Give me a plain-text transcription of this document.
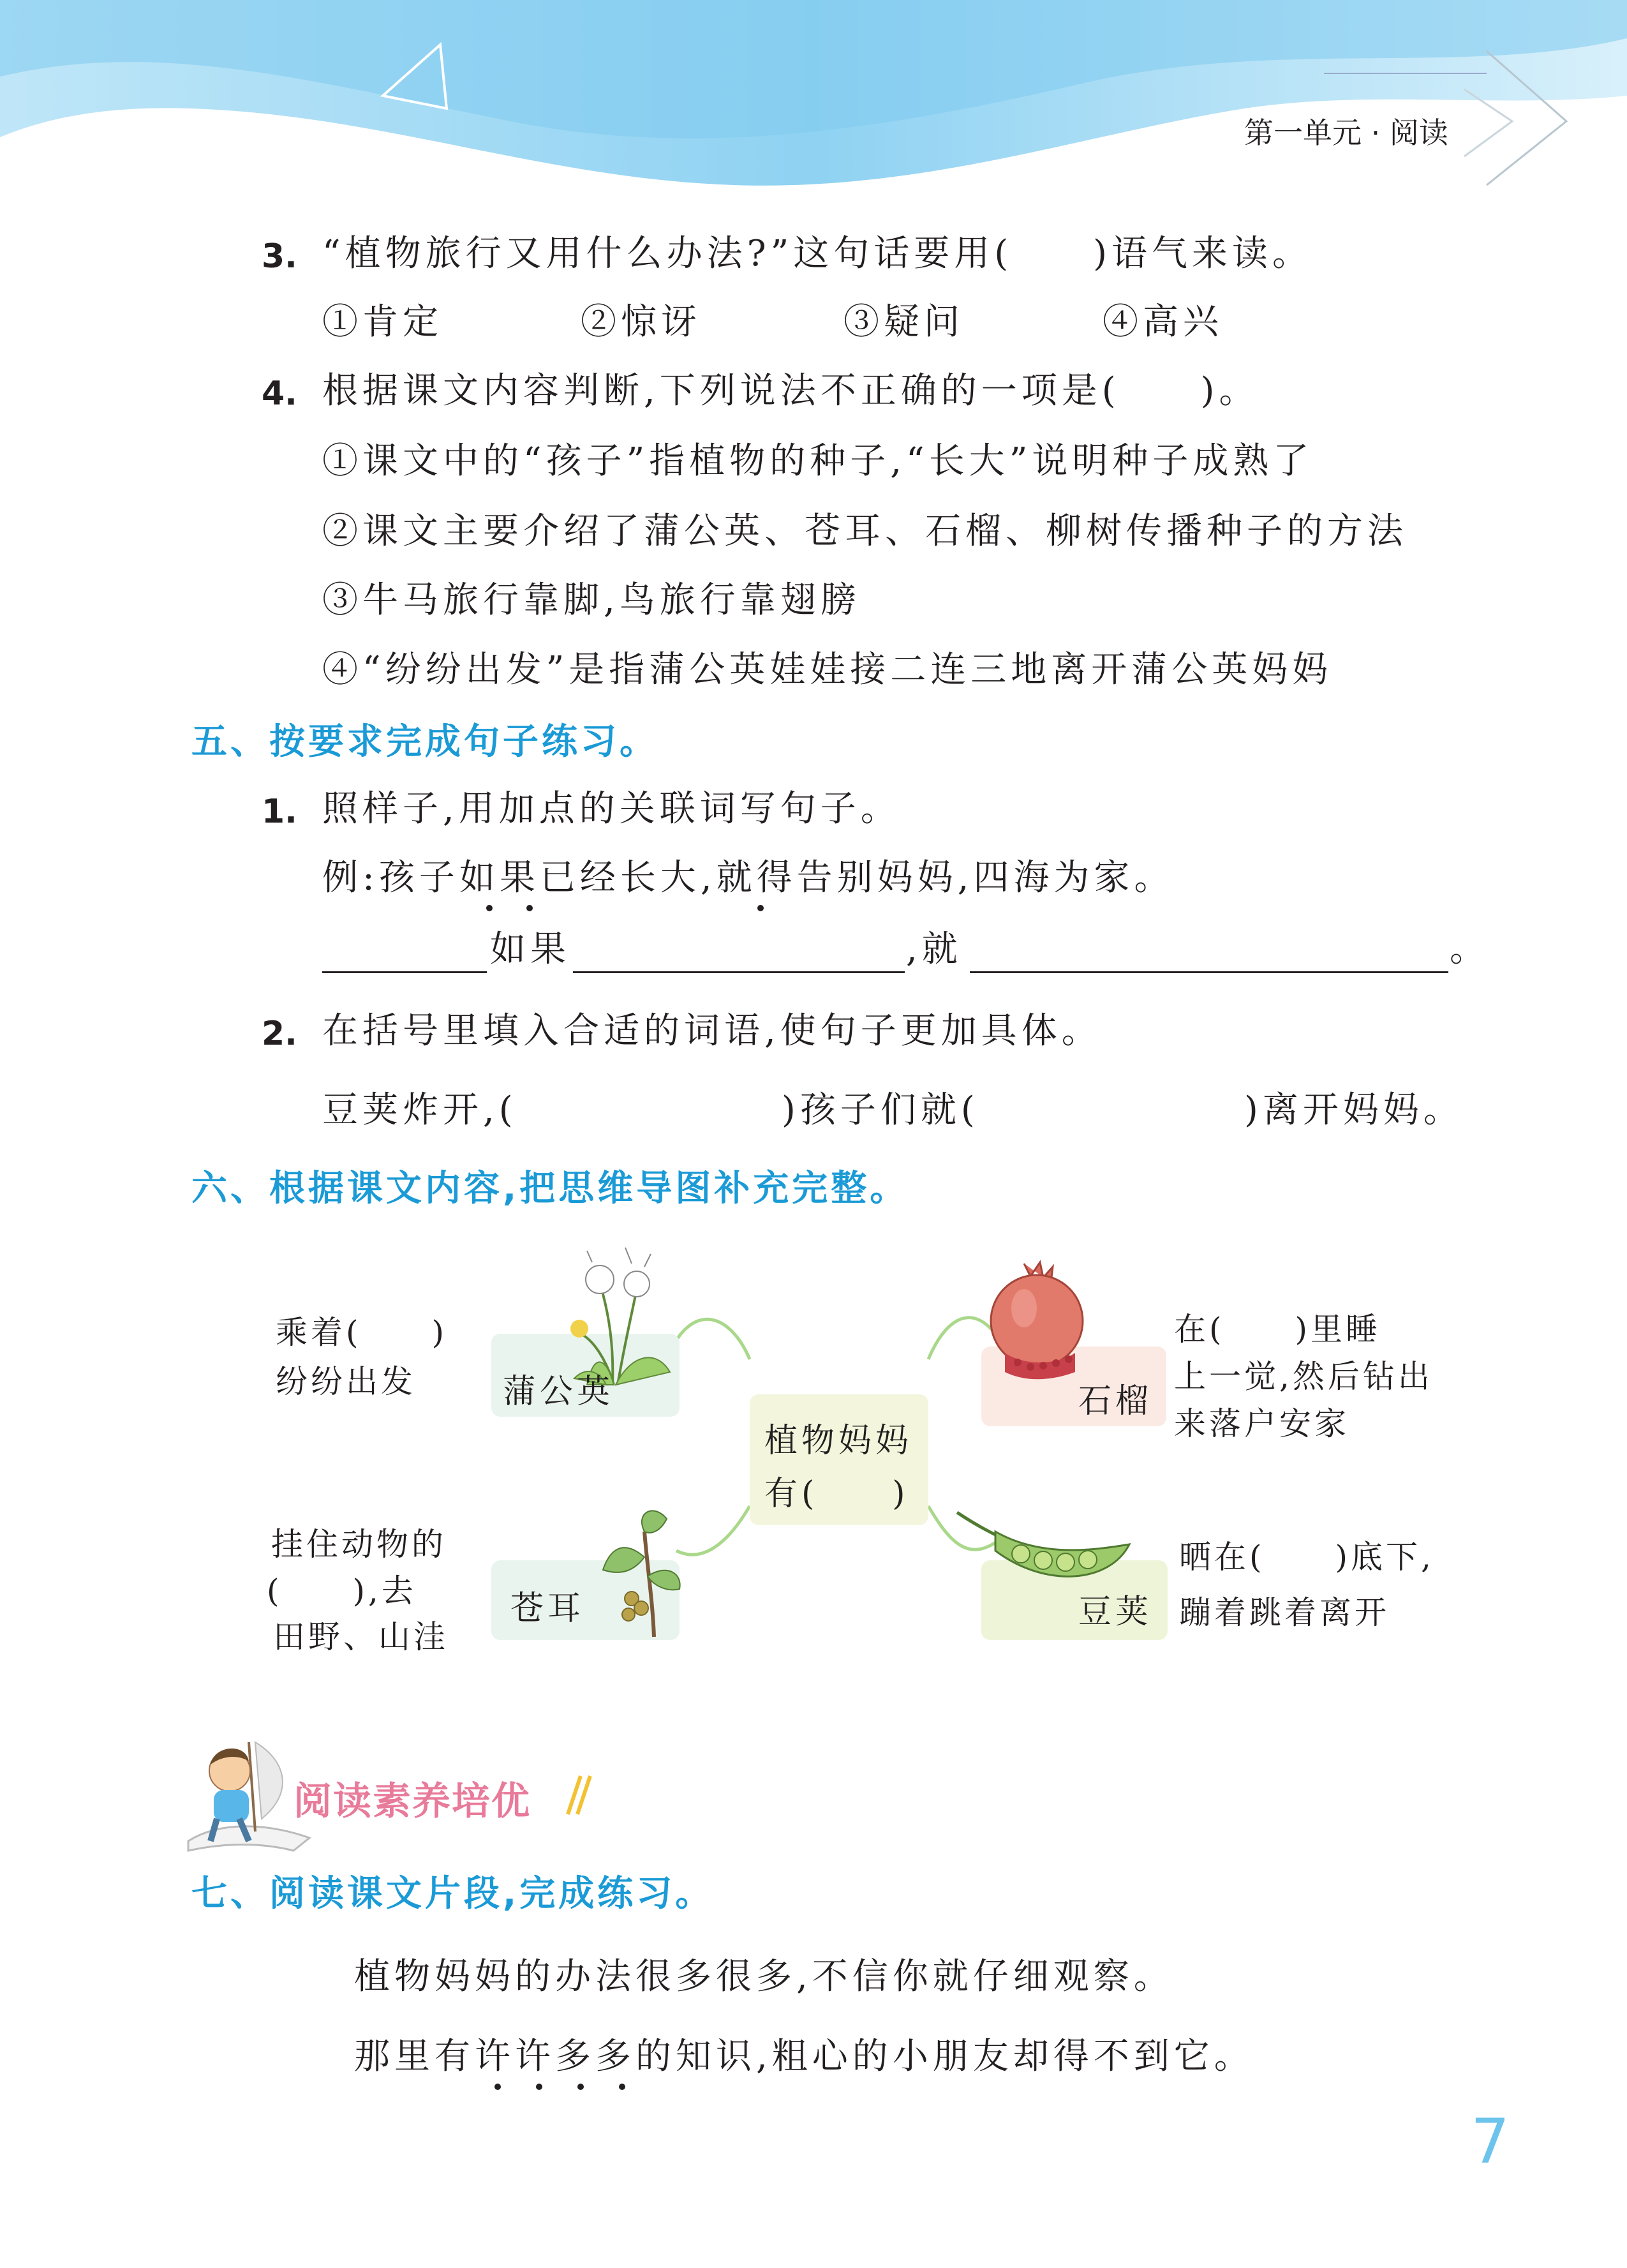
第一单元 · 阅读
3. “植物旅行又用什么办法?”这句话要用(　　)语气来读。
①肯定	②惊讶	③疑问	④高兴
4. 根据课文内容判断,下列说法不正确的一项是(　　)。
①课文中的“孩子”指植物的种子,“长大”说明种子成熟了
②课文主要介绍了蒲公英、苍耳、石榴、柳树传播种子的方法
③牛马旅行靠脚,鸟旅行靠翅膀
④“纷纷出发”是指蒲公英娃娃接二连三地离开蒲公英妈妈
五、按要求完成句子练习。
1. 照样子,用加点的关联词写句子。
例:孩子如果已经长大,就得告别妈妈,四海为家。
如果	,就	。
2. 在括号里填入合适的词语,使句子更加具体。
豆荚炸开,(	)孩子们就(	)离开妈妈。
六、根据课文内容,把思维导图补充完整。
植物妈妈
有(　　)
蒲公英
乘着(　　)
纷纷出发
苍耳
挂住动物的
(　　),去
田野、山洼
石榴
在(　　)里睡
上一觉,然后钻出
来落户安家
豆荚
晒在(　　)底下,
蹦着跳着离开
阅读素养培优
七、阅读课文片段,完成练习。
植物妈妈的办法很多很多,不信你就仔细观察。
那里有许许多多的知识,粗心的小朋友却得不到它。
7
